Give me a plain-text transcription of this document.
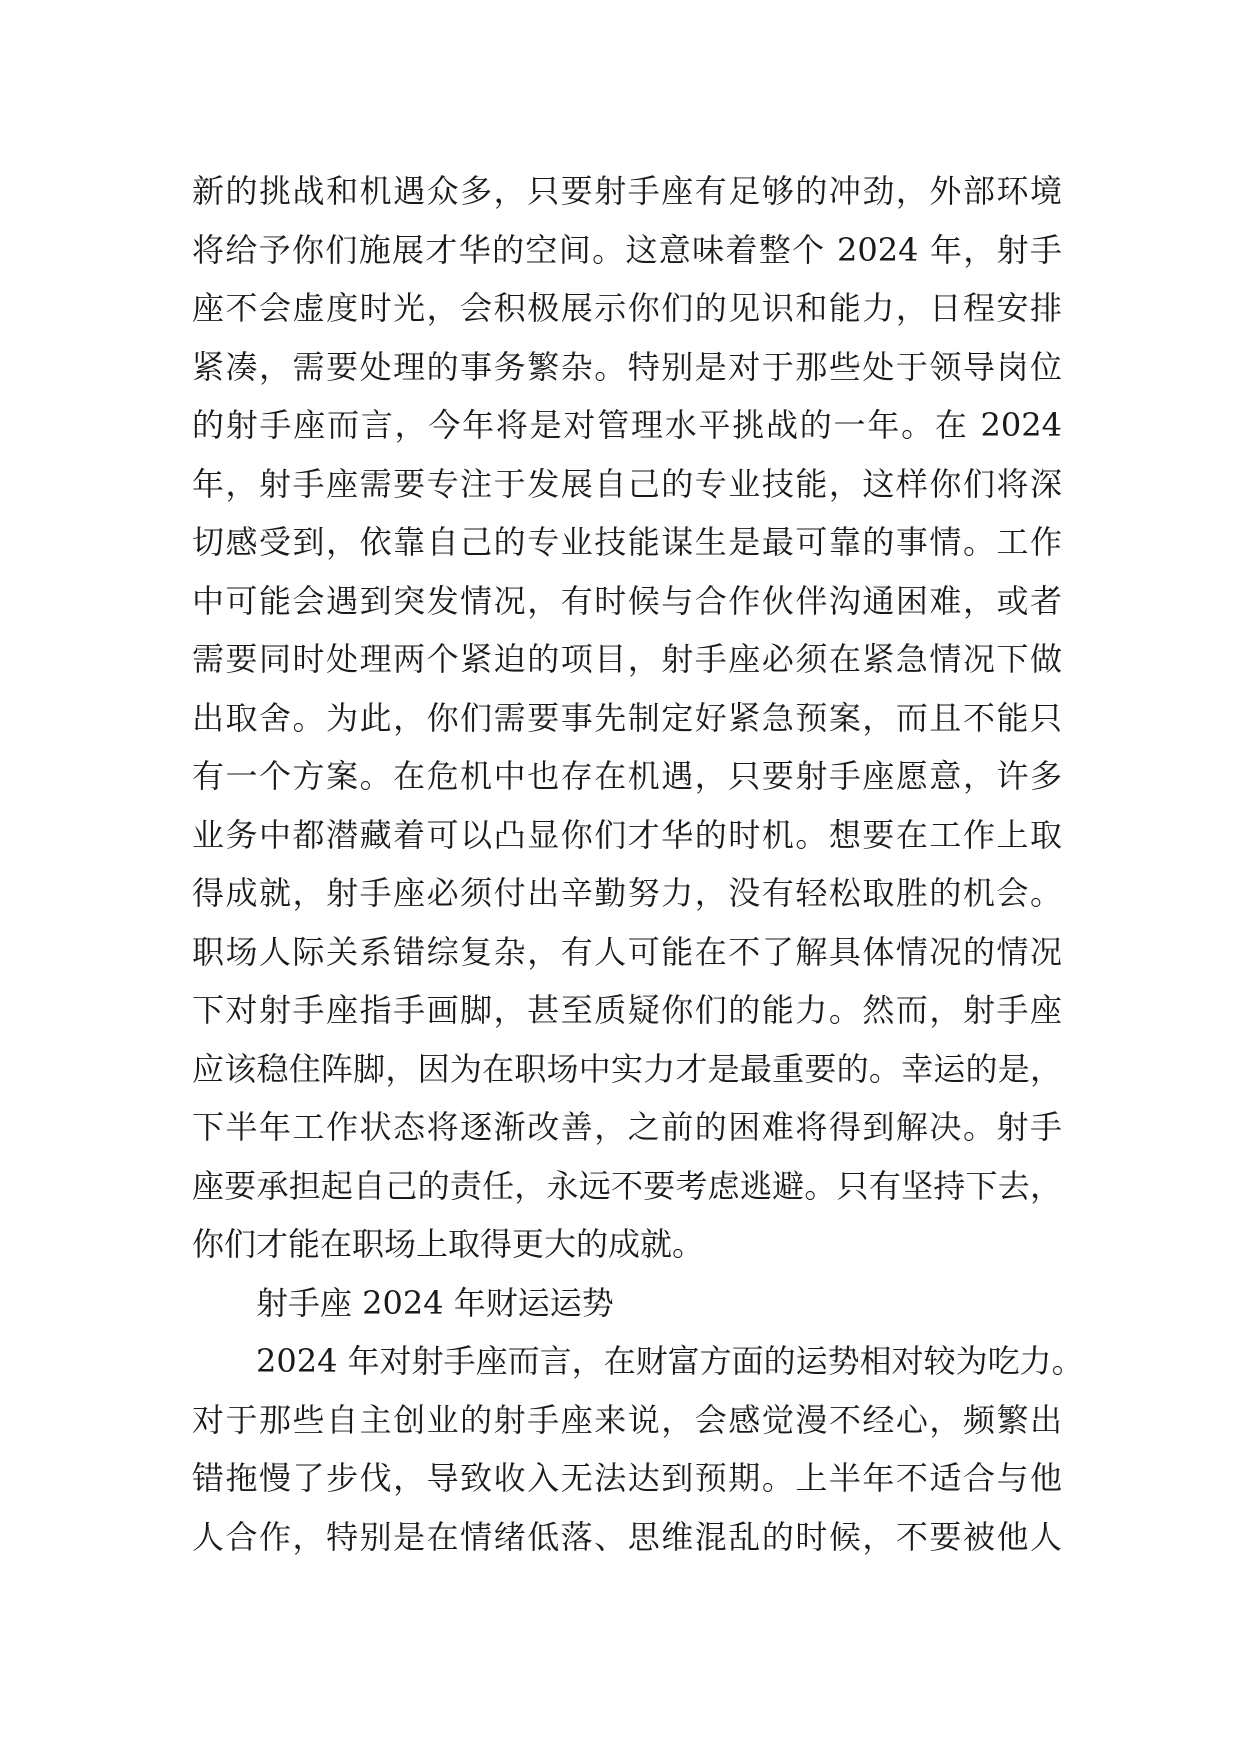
新的挑战和机遇众多，只要射手座有足够的冲劲，外部环境
将给予你们施展才华的空间。这意味着整个 2024 年，射手
座不会虚度时光，会积极展示你们的见识和能力，日程安排
紧凑，需要处理的事务繁杂。特别是对于那些处于领导岗位
的射手座而言，今年将是对管理水平挑战的一年。在 2024
年，射手座需要专注于发展自己的专业技能，这样你们将深
切感受到，依靠自己的专业技能谋生是最可靠的事情。工作
中可能会遇到突发情况，有时候与合作伙伴沟通困难，或者
需要同时处理两个紧迫的项目，射手座必须在紧急情况下做
出取舍。为此，你们需要事先制定好紧急预案，而且不能只
有一个方案。在危机中也存在机遇，只要射手座愿意，许多
业务中都潜藏着可以凸显你们才华的时机。想要在工作上取
得成就，射手座必须付出辛勤努力，没有轻松取胜的机会。
职场人际关系错综复杂，有人可能在不了解具体情况的情况
下对射手座指手画脚，甚至质疑你们的能力。然而，射手座
应该稳住阵脚，因为在职场中实力才是最重要的。幸运的是，
下半年工作状态将逐渐改善，之前的困难将得到解决。射手
座要承担起自己的责任，永远不要考虑逃避。只有坚持下去，
你们才能在职场上取得更大的成就。
射手座 2024 年财运运势
2024 年对射手座而言，在财富方面的运势相对较为吃力。
对于那些自主创业的射手座来说，会感觉漫不经心，频繁出
错拖慢了步伐，导致收入无法达到预期。上半年不适合与他
人合作，特别是在情绪低落、思维混乱的时候，不要被他人
